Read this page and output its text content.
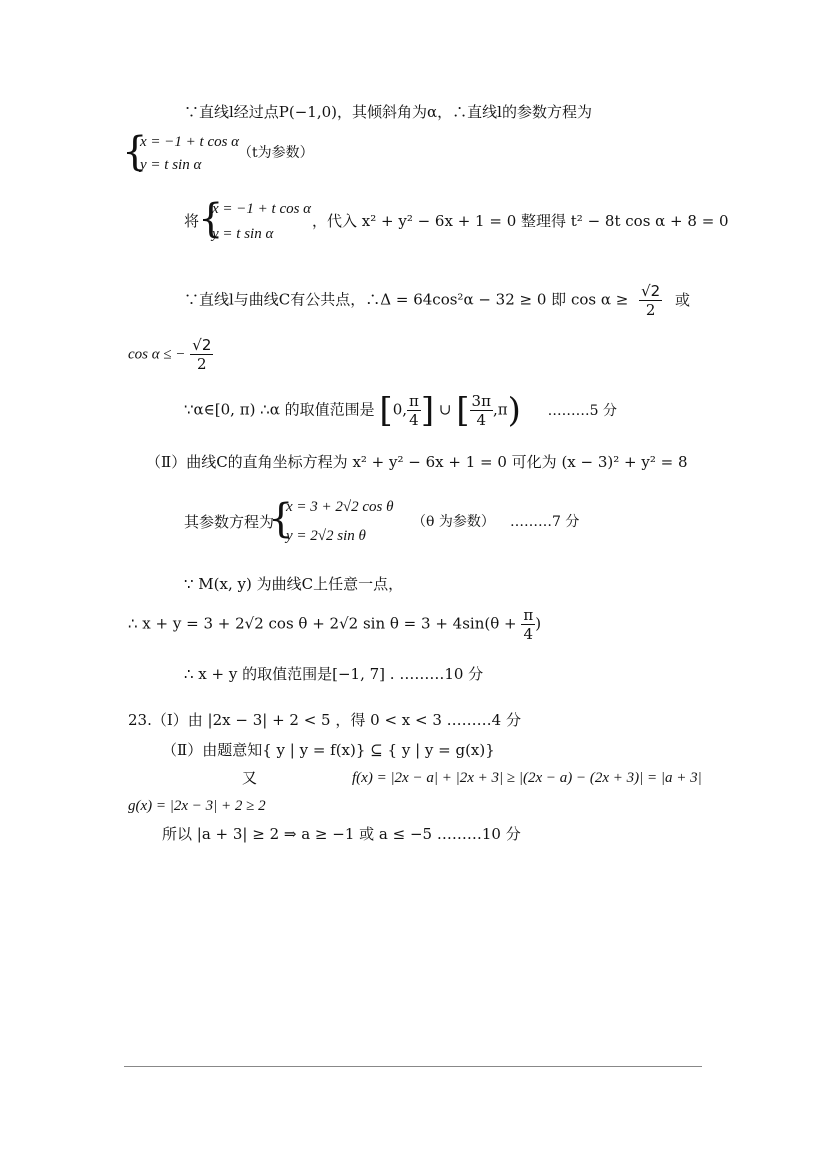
∵直线l经过点P(−1,0)，其倾斜角为α，∴直线l的参数方程为
{
x = −1 + t cos α
y = t sin α
（t为参数）
将
{
x = −1 + t cos α
y = t sin α
，代入 x² + y² − 6x + 1 = 0 整理得 t² − 8t cos α + 8 = 0
∵直线l与曲线C有公共点，∴Δ = 64cos²α − 32 ≥ 0 即 $\cos \alpha \ge \frac{√2}{2}$ 或
cos α ≤ − $\frac{√2}{2}$
∵α∈[0, π) ∴α 的取值范围是 [0, $\frac{\pi}{4}$ ] ∪ [ $\frac{3\pi}{4} ,\pi$) ………5 分
（Ⅱ）曲线C的直角坐标方程为 x² + y² − 6x + 1 = 0 可化为 (x − 3)² + y² = 8
其参数方程为
{
x = 3 + 2√2 cos θ
y = 2√2 sin θ
（θ 为参数） ………7 分
∵ M(x, y) 为曲线C上任意一点，
∴ x + y = 3 + 2√2 cos θ + 2√2 $\sin \theta = 3 + 4\sin(\theta + \frac{\pi}{4}$ )
∴ x + y 的取值范围是[−1, 7] . ………10 分
23.（Ⅰ）由 |2x − 3| + 2 < 5 ，得 0 < x < 3 ………4 分
（Ⅱ）由题意知{ y | y = f(x)} ⊆ { y | y = g(x)}
又	f(x) = |2x − a| + |2x + 3| ≥ |(2x − a) − (2x + 3)| = |a + 3|
g(x) = |2x − 3| + 2 ≥ 2
所以 |a + 3| ≥ 2 ⇒ a ≥ −1 或 a ≤ −5 ………10 分
